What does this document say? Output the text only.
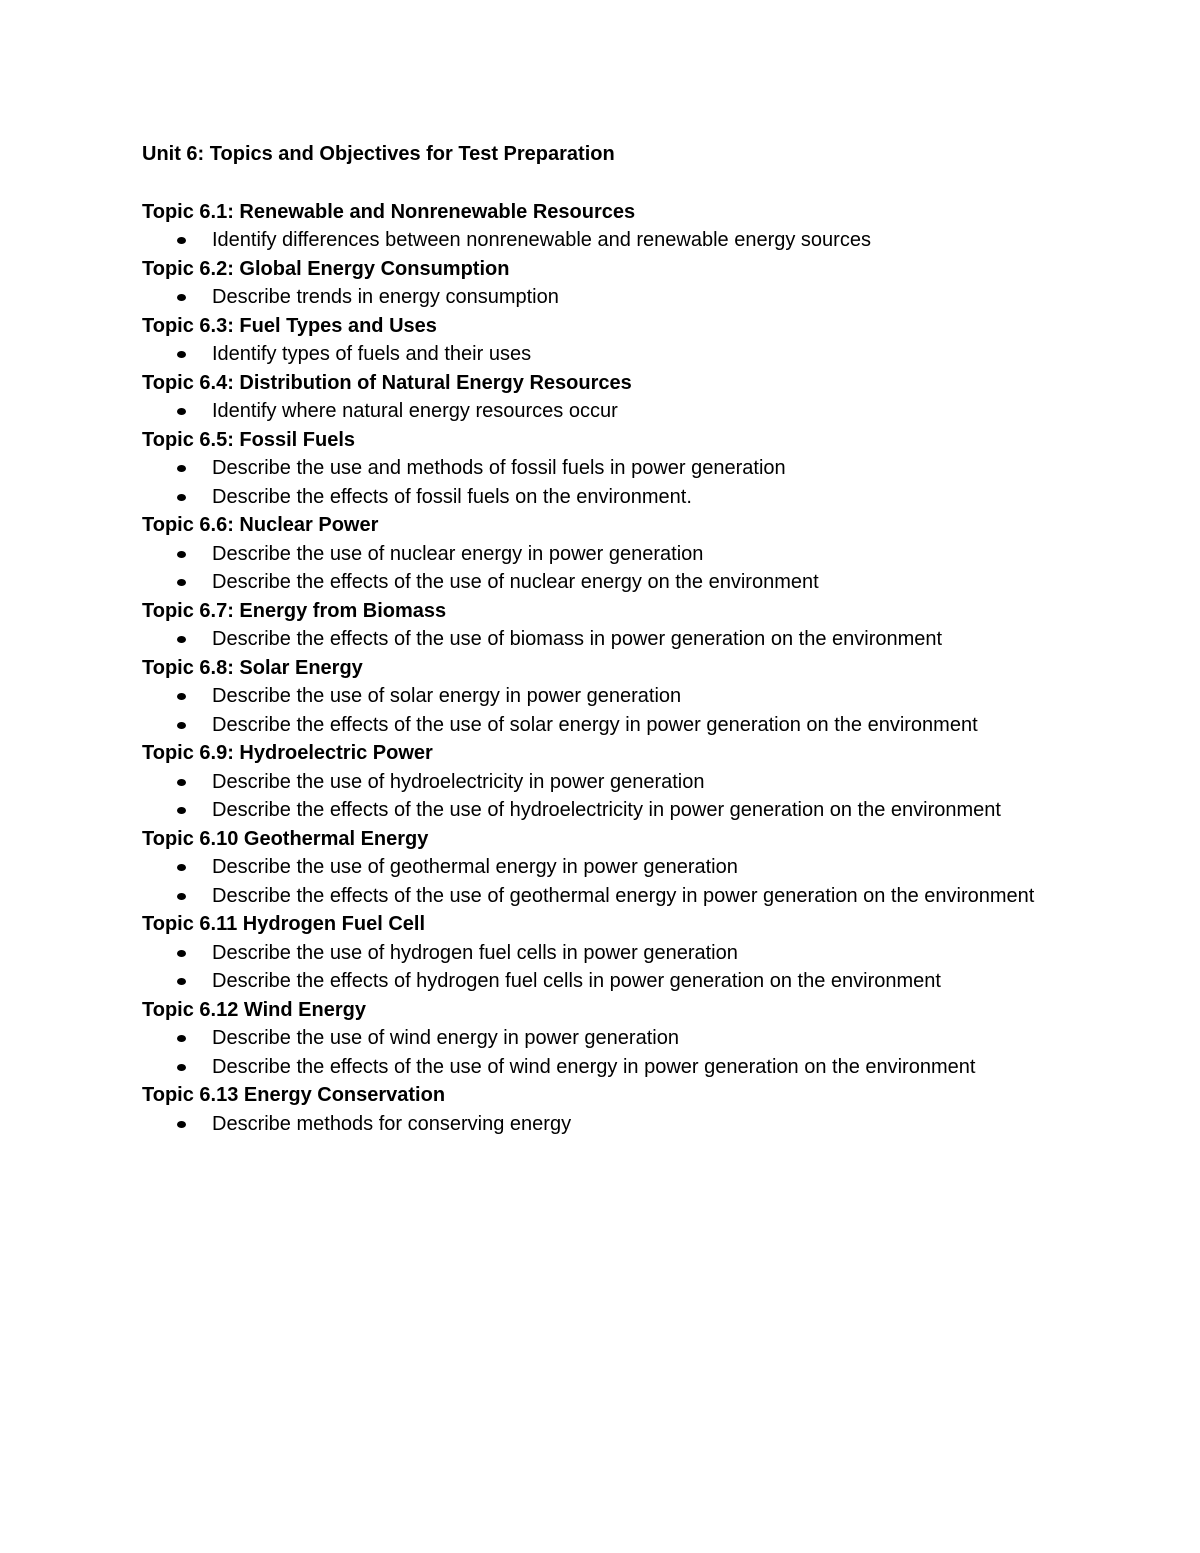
Unit 6: Topics and Objectives for Test Preparation
Topic 6.1: Renewable and Nonrenewable Resources
Identify differences between nonrenewable and renewable energy sources
Topic 6.2: Global Energy Consumption
Describe trends in energy consumption
Topic 6.3: Fuel Types and Uses
Identify types of fuels and their uses
Topic 6.4: Distribution of Natural Energy Resources
Identify where natural energy resources occur
Topic 6.5: Fossil Fuels
Describe the use and methods of fossil fuels in power generation
Describe the effects of fossil fuels on the environment.
Topic 6.6: Nuclear Power
Describe the use of nuclear energy in power generation
Describe the effects of the use of nuclear energy on the environment
Topic 6.7: Energy from Biomass
Describe the effects of the use of biomass in power generation on the environment
Topic 6.8: Solar Energy
Describe the use of solar energy in power generation
Describe the effects of the use of solar energy in power generation on the environment
Topic 6.9: Hydroelectric Power
Describe the use of hydroelectricity in power generation
Describe the effects of the use of hydroelectricity in power generation on the environment
Topic 6.10 Geothermal Energy
Describe the use of geothermal energy in power generation
Describe the effects of the use of geothermal energy in power generation on the environment
Topic 6.11 Hydrogen Fuel Cell
Describe the use of hydrogen fuel cells in power generation
Describe the effects of hydrogen fuel cells in power generation on the environment
Topic 6.12 Wind Energy
Describe the use of wind energy in power generation
Describe the effects of the use of wind energy in power generation on the environment
Topic 6.13 Energy Conservation
Describe methods for conserving energy
